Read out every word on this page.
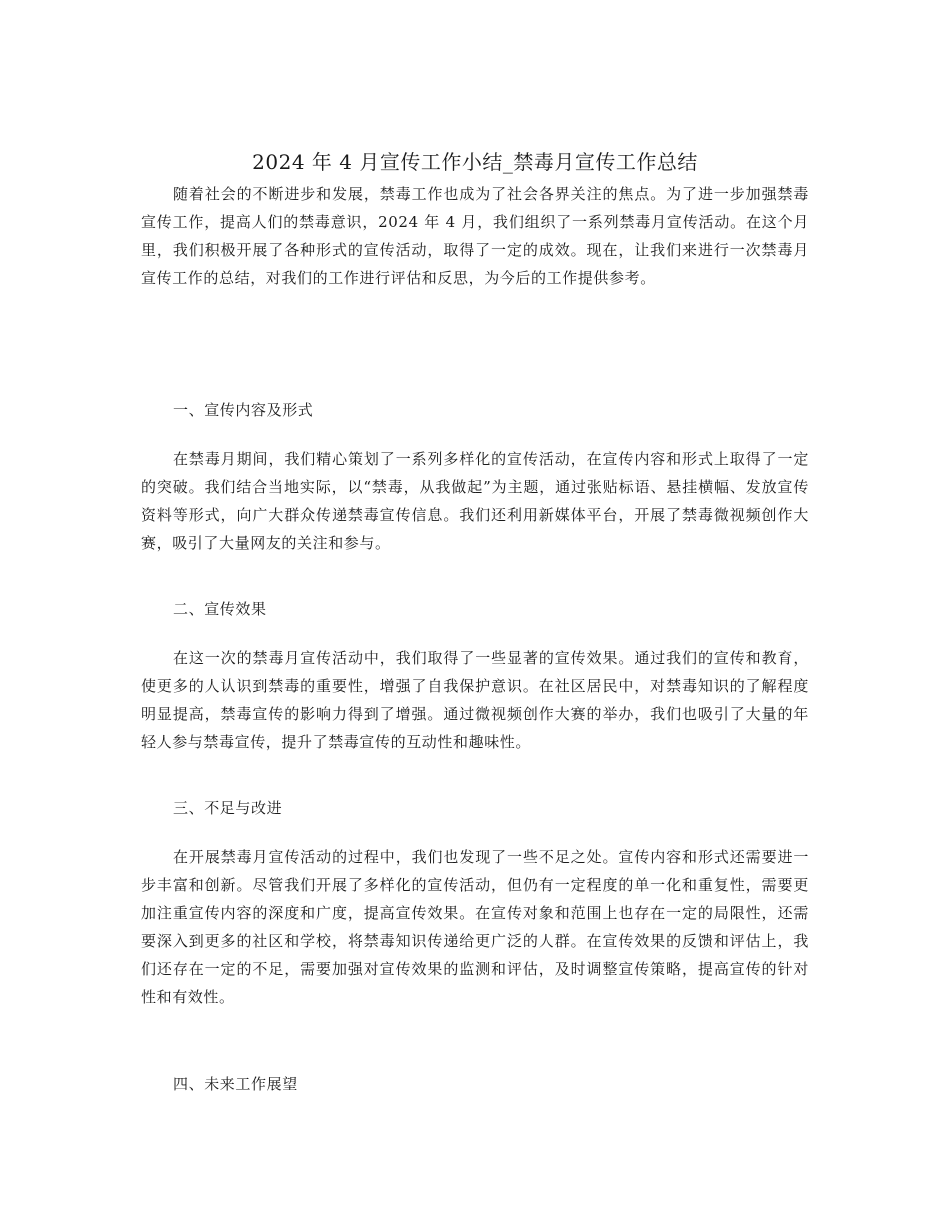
2024 年 4 月宣传工作小结_禁毒月宣传工作总结

随着社会的不断进步和发展，禁毒工作也成为了社会各界关注的焦点。为了进一步加强禁毒宣传工作，提高人们的禁毒意识，2024 年 4 月，我们组织了一系列禁毒月宣传活动。在这个月里，我们积极开展了各种形式的宣传活动，取得了一定的成效。现在，让我们来进行一次禁毒月宣传工作的总结，对我们的工作进行评估和反思，为今后的工作提供参考。

一、宣传内容及形式

在禁毒月期间，我们精心策划了一系列多样化的宣传活动，在宣传内容和形式上取得了一定的突破。我们结合当地实际，以“禁毒，从我做起”为主题，通过张贴标语、悬挂横幅、发放宣传资料等形式，向广大群众传递禁毒宣传信息。我们还利用新媒体平台，开展了禁毒微视频创作大赛，吸引了大量网友的关注和参与。

二、宣传效果

在这一次的禁毒月宣传活动中，我们取得了一些显著的宣传效果。通过我们的宣传和教育，使更多的人认识到禁毒的重要性，增强了自我保护意识。在社区居民中，对禁毒知识的了解程度明显提高，禁毒宣传的影响力得到了增强。通过微视频创作大赛的举办，我们也吸引了大量的年轻人参与禁毒宣传，提升了禁毒宣传的互动性和趣味性。

三、不足与改进

在开展禁毒月宣传活动的过程中，我们也发现了一些不足之处。宣传内容和形式还需要进一步丰富和创新。尽管我们开展了多样化的宣传活动，但仍有一定程度的单一化和重复性，需要更加注重宣传内容的深度和广度，提高宣传效果。在宣传对象和范围上也存在一定的局限性，还需要深入到更多的社区和学校，将禁毒知识传递给更广泛的人群。在宣传效果的反馈和评估上，我们还存在一定的不足，需要加强对宣传效果的监测和评估，及时调整宣传策略，提高宣传的针对性和有效性。

四、未来工作展望
